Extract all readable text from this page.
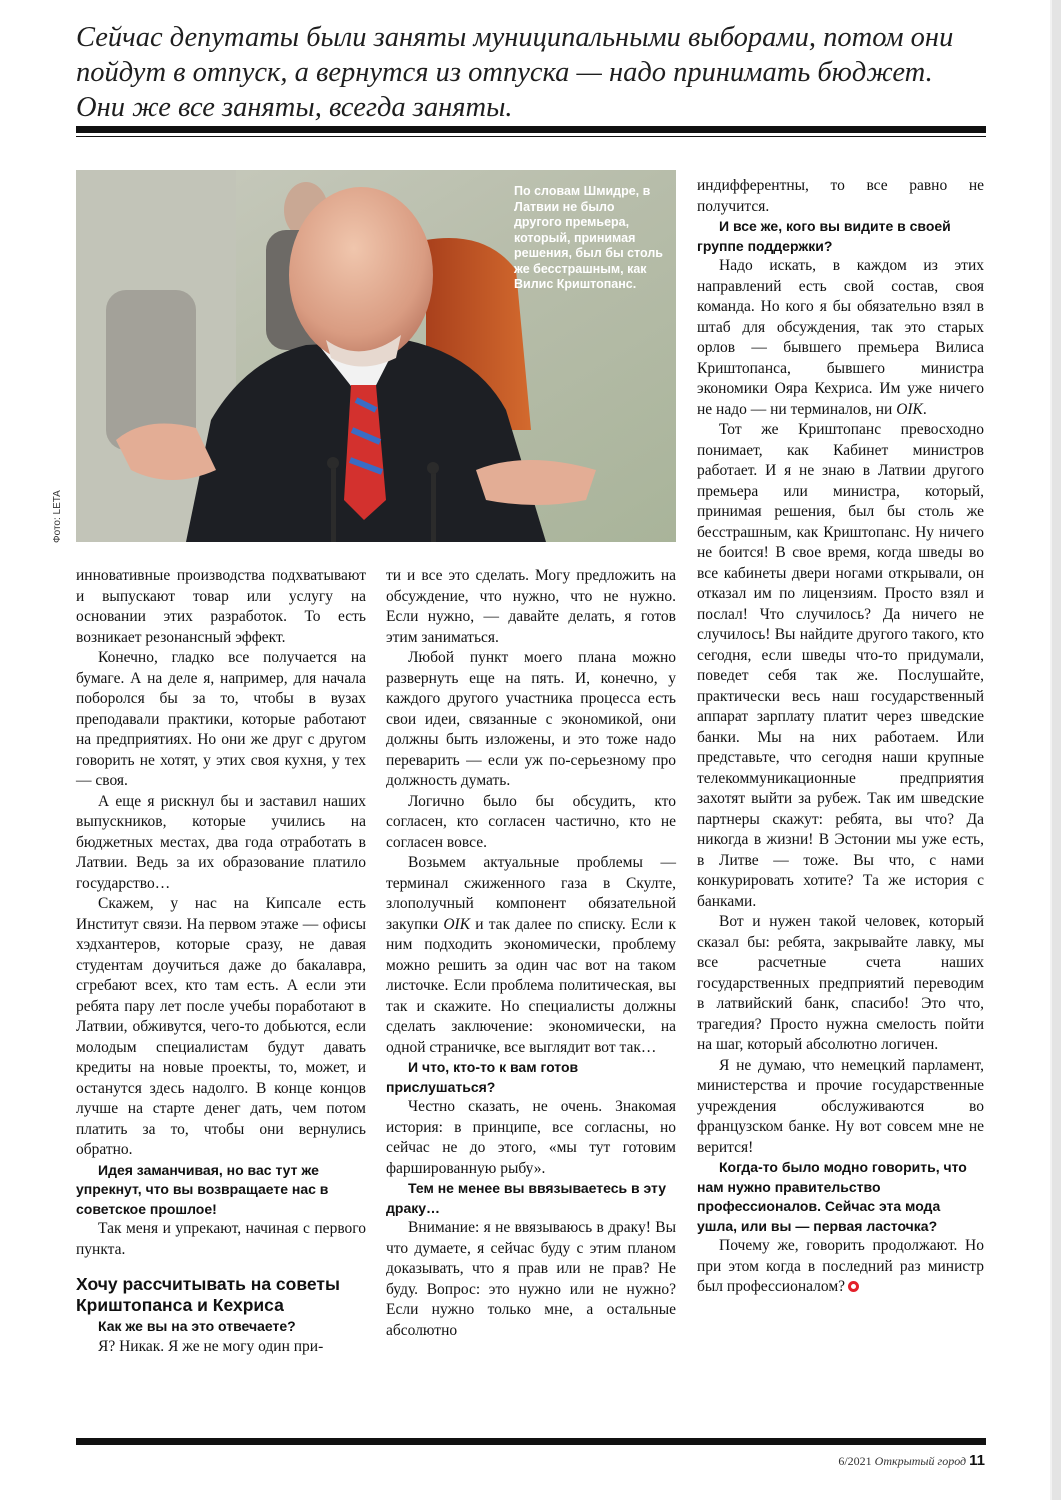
Сейчас депутаты были заняты муниципальными выборами, потом они пойдут в отпуск, а вернутся из отпуска — надо принимать бюджет. Они же все заняты, всегда заняты.
По словам Шмидре, в Латвии не было другого премьера, который, принимая решения, был бы столь же бесстрашным, как Вилис Криштопанс.
Фото: LETA

инновативные производства подхватывают и выпускают товар или услугу на основании этих разработок. То есть возникает резонансный эффект.

Конечно, гладко все получается на бумаге. А на деле я, например, для начала поборолся бы за то, чтобы в вузах преподавали практики, которые работают на предприятиях. Но они же друг с другом говорить не хотят, у этих своя кухня, у тех — своя.

А еще я рискнул бы и заставил наших выпускников, которые учились на бюджетных местах, два года отработать в Латвии. Ведь за их образование платило государство…

Скажем, у нас на Кипсале есть Институт связи. На первом этаже — офисы хэдхантеров, которые сразу, не давая студентам доучиться даже до бакалавра, сгребают всех, кто там есть. А если эти ребята пару лет после учебы поработают в Латвии, обживутся, чего-то добьются, если молодым специалистам будут давать кредиты на новые проекты, то, может, и останутся здесь надолго. В конце концов лучше на старте денег дать, чем потом платить за то, чтобы они вернулись обратно.

Идея заманчивая, но вас тут же упрекнут, что вы возвращаете нас в советское прошлое!

Так меня и упрекают, начиная с первого пункта.

Хочу рассчитывать на советы Криштопанса и Кехриса

Как же вы на это отвечаете?

Я? Никак. Я же не могу один при-

ти и все это сделать. Могу предложить на обсуждение, что нужно, что не нужно. Если нужно, — давайте делать, я готов этим заниматься.

Любой пункт моего плана можно развернуть еще на пять. И, конечно, у каждого другого участника процесса есть свои идеи, связанные с экономикой, они должны быть изложены, и это тоже надо переварить — если уж по-серьезному про должность думать.

Логично было бы обсудить, кто согласен, кто согласен частично, кто не согласен вовсе.

Возьмем актуальные проблемы — терминал сжиженного газа в Скулте, злополучный компонент обязательной закупки OIK и так далее по списку. Если к ним подходить экономически, проблему можно решить за один час вот на таком листочке. Если проблема политическая, вы так и скажите. Но специалисты должны сделать заключение: экономически, на одной страничке, все выглядит вот так…

И что, кто-то к вам готов прислушаться?

Честно сказать, не очень. Знакомая история: в принципе, все согласны, но сейчас не до этого, «мы тут готовим фаршированную рыбу».

Тем не менее вы ввязываетесь в эту драку…

Внимание: я не ввязываюсь в драку! Вы что думаете, я сейчас буду с этим планом доказывать, что я прав или не прав? Не буду. Вопрос: это нужно или не нужно? Если нужно только мне, а остальные абсолютно

индифферентны, то все равно не получится.

И все же, кого вы видите в своей группе поддержки?

Надо искать, в каждом из этих направлений есть свой состав, своя команда. Но кого я бы обязательно взял в штаб для обсуждения, так это старых орлов — бывшего премьера Вилиса Криштопанса, бывшего министра экономики Ояра Кехриса. Им уже ничего не надо — ни терминалов, ни OIK.

Тот же Криштопанс превосходно понимает, как Кабинет министров работает. И я не знаю в Латвии другого премьера или министра, который, принимая решения, был бы столь же бесстрашным, как Криштопанс. Ну ничего не боится! В свое время, когда шведы во все кабинеты двери ногами открывали, он отказал им по лицензиям. Просто взял и послал! Что случилось? Да ничего не случилось! Вы найдите другого такого, кто сегодня, если шведы что-то придумали, поведет себя так же. Послушайте, практически весь наш государственный аппарат зарплату платит через шведские банки. Мы на них работаем. Или представьте, что сегодня наши крупные телекоммуникационные предприятия захотят выйти за рубеж. Так им шведские партнеры скажут: ребята, вы что? Да никогда в жизни! В Эстонии мы уже есть, в Литве — тоже. Вы что, с нами конкурировать хотите? Та же история с банками.

Вот и нужен такой человек, который сказал бы: ребята, закрывайте лавку, мы все расчетные счета наших государственных предприятий переводим в латвийский банк, спасибо! Это что, трагедия? Просто нужна смелость пойти на шаг, который абсолютно логичен.

Я не думаю, что немецкий парламент, министерства и прочие государственные учреждения обслуживаются во французском банке. Ну вот совсем мне не верится!

Когда-то было модно говорить, что нам нужно правительство профессионалов. Сейчас эта мода ушла, или вы — первая ласточка?

Почему же, говорить продолжают. Но при этом когда в последний раз министр был профессионалом?

6/2021 Открытый город 11
